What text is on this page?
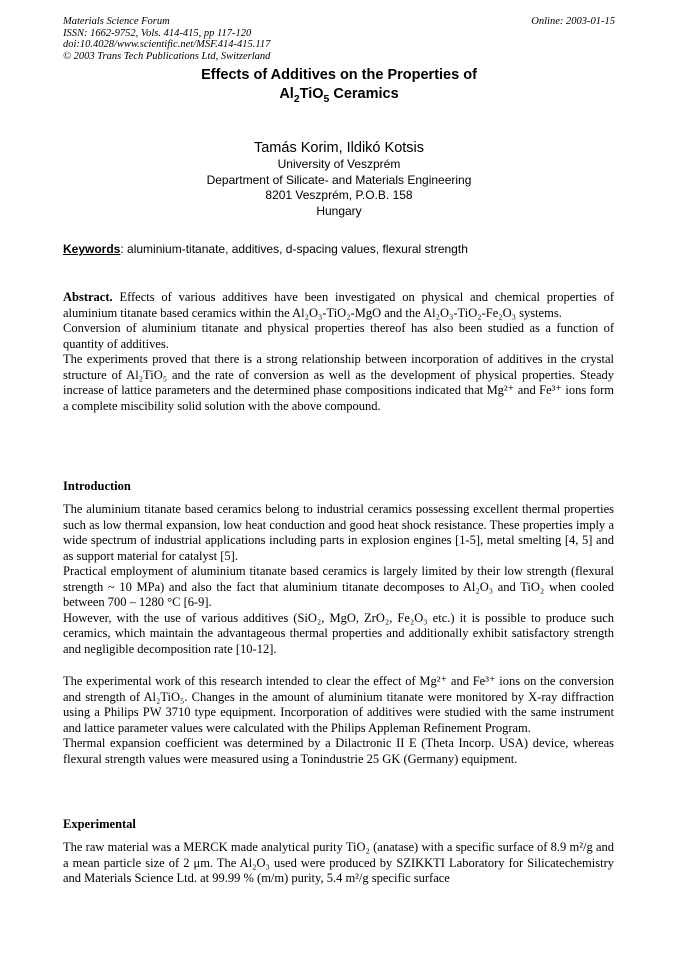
Materials Science Forum
ISSN: 1662-9752, Vols. 414-415, pp 117-120
doi:10.4028/www.scientific.net/MSF.414-415.117
© 2003 Trans Tech Publications Ltd, Switzerland
Online: 2003-01-15
Effects of Additives on the Properties of
$Al_2TiO_5$ Ceramics
Tamás Korim, Ildikó Kotsis
University of Veszprém
Department of Silicate- and Materials Engineering
8201 Veszprém, P.O.B. 158
Hungary
Keywords: aluminium-titanate, additives, d-spacing values, flexural strength

Abstract. Effects of various additives have been investigated on physical and chemical properties of aluminium titanate based ceramics within the Al₂O₃-TiO₂-MgO and the Al₂O₃-TiO₂-Fe₂O₃ systems.

Conversion of aluminium titanate and physical properties thereof has also been studied as a function of quantity of additives.

The experiments proved that there is a strong relationship between incorporation of additives in the crystal structure of Al₂TiO₅ and the rate of conversion as well as the development of physical properties. Steady increase of lattice parameters and the determined phase compositions indicated that Mg²⁺ and Fe³⁺ ions form a complete miscibility solid solution with the above compound.

Introduction

The aluminium titanate based ceramics belong to industrial ceramics possessing excellent thermal properties such as low thermal expansion, low heat conduction and good heat shock resistance. These properties imply a wide spectrum of industrial applications including parts in explosion engines [1-5], metal smelting [4, 5] and as support material for catalyst [5].

Practical employment of aluminium titanate based ceramics is largely limited by their low strength (flexural strength ~ 10 MPa) and also the fact that aluminium titanate decomposes to Al₂O₃ and TiO₂ when cooled between 700 – 1280 °C [6-9].

However, with the use of various additives (SiO₂, MgO, ZrO₂, Fe₂O₃ etc.) it is possible to produce such ceramics, which maintain the advantageous thermal properties and additionally exhibit satisfactory strength and negligible decomposition rate [10-12].

The experimental work of this research intended to clear the effect of Mg²⁺ and Fe³⁺ ions on the conversion and strength of Al₂TiO₅. Changes in the amount of aluminium titanate were monitored by X-ray diffraction using a Philips PW 3710 type equipment. Incorporation of additives were studied with the same instrument and lattice parameter values were calculated with the Philips Appleman Refinement Program.

Thermal expansion coefficient was determined by a Dilactronic II E (Theta Incorp. USA) device, whereas flexural strength values were measured using a Tonindustrie 25 GK (Germany) equipment.

Experimental

The raw material was a MERCK made analytical purity TiO₂ (anatase) with a specific surface of 8.9 m²/g and a mean particle size of 2 μm. The Al₂O₃ used were produced by SZIKKTI Laboratory for Silicatechemistry and Materials Science Ltd. at 99.99 % (m/m) purity, 5.4 m²/g specific surface
